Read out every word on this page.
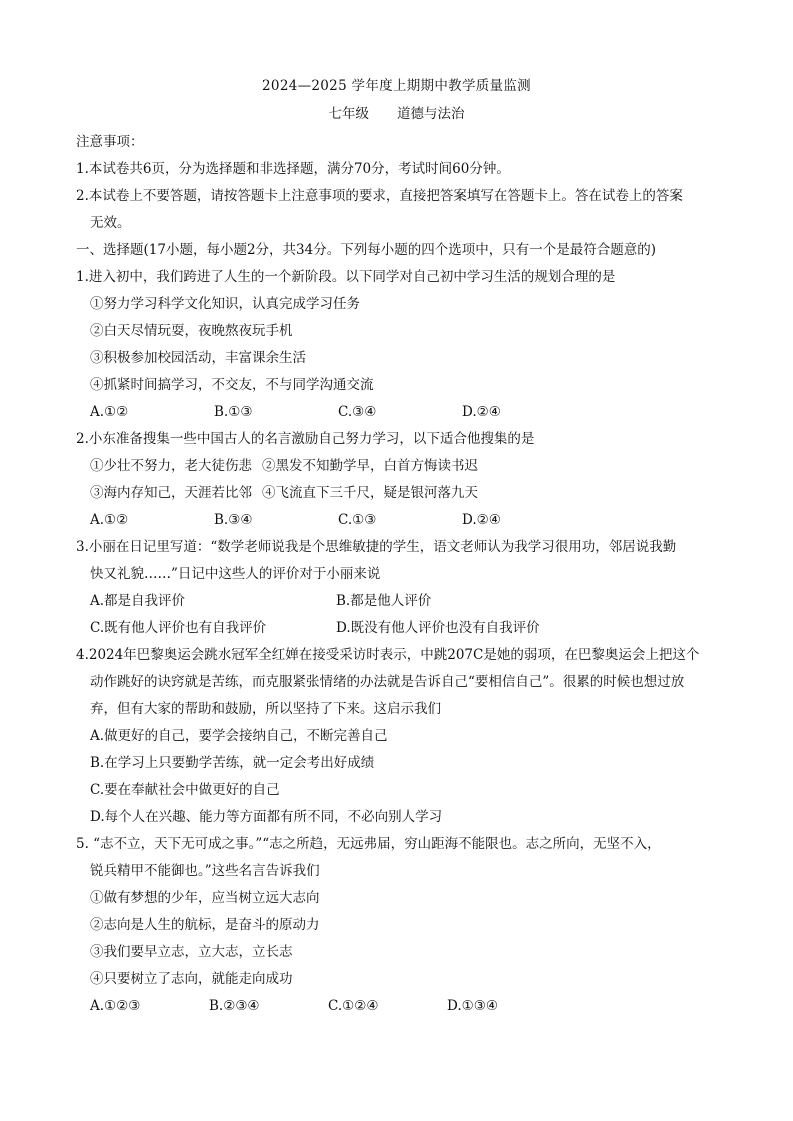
2024—2025 学年度上期期中教学质量监测
七年级 道德与法治
注意事项：
1.本试卷共6页，分为选择题和非选择题，满分70分，考试时间60分钟。
2.本试卷上不要答题，请按答题卡上注意事项的要求，直接把答案填写在答题卡上。答在试卷上的答案
无效。
一、选择题(17小题，每小题2分，共34分。下列每小题的四个选项中，只有一个是最符合题意的)
1.进入初中，我们跨进了人生的一个新阶段。以下同学对自己初中学习生活的规划合理的是
①努力学习科学文化知识，认真完成学习任务
②白天尽情玩耍，夜晚熬夜玩手机
③积极参加校园活动，丰富课余生活
④抓紧时间搞学习，不交友，不与同学沟通交流
A.①②	B.①③	C.③④	D.②④
2.小东准备搜集一些中国古人的名言激励自己努力学习，以下适合他搜集的是
①少壮不努力，老大徒伤悲 ②黑发不知勤学早，白首方悔读书迟
③海内存知己，天涯若比邻 ④飞流直下三千尺，疑是银河落九天
A.①②	B.③④	C.①③	D.②④
3.小丽在日记里写道：“数学老师说我是个思维敏捷的学生，语文老师认为我学习很用功，邻居说我勤
快又礼貌……”日记中这些人的评价对于小丽来说
A.都是自我评价	B.都是他人评价
C.既有他人评价也有自我评价	D.既没有他人评价也没有自我评价
4.2024年巴黎奥运会跳水冠军全红婵在接受采访时表示，中跳207C是她的弱项，在巴黎奥运会上把这个
动作跳好的诀窍就是苦练，而克服紧张情绪的办法就是告诉自己“要相信自己”。很累的时候也想过放
弃，但有大家的帮助和鼓励，所以坚持了下来。这启示我们
A.做更好的自己，要学会接纳自己，不断完善自己
B.在学习上只要勤学苦练，就一定会考出好成绩
C.要在奉献社会中做更好的自己
D.每个人在兴趣、能力等方面都有所不同，不必向别人学习
5. “志不立，天下无可成之事。”“志之所趋，无远弗届，穷山距海不能限也。志之所向，无坚不入，
锐兵精甲不能御也。”这些名言告诉我们
①做有梦想的少年，应当树立远大志向
②志向是人生的航标，是奋斗的原动力
③我们要早立志，立大志，立长志
④只要树立了志向，就能走向成功
A.①②③	B.②③④	C.①②④	D.①③④
